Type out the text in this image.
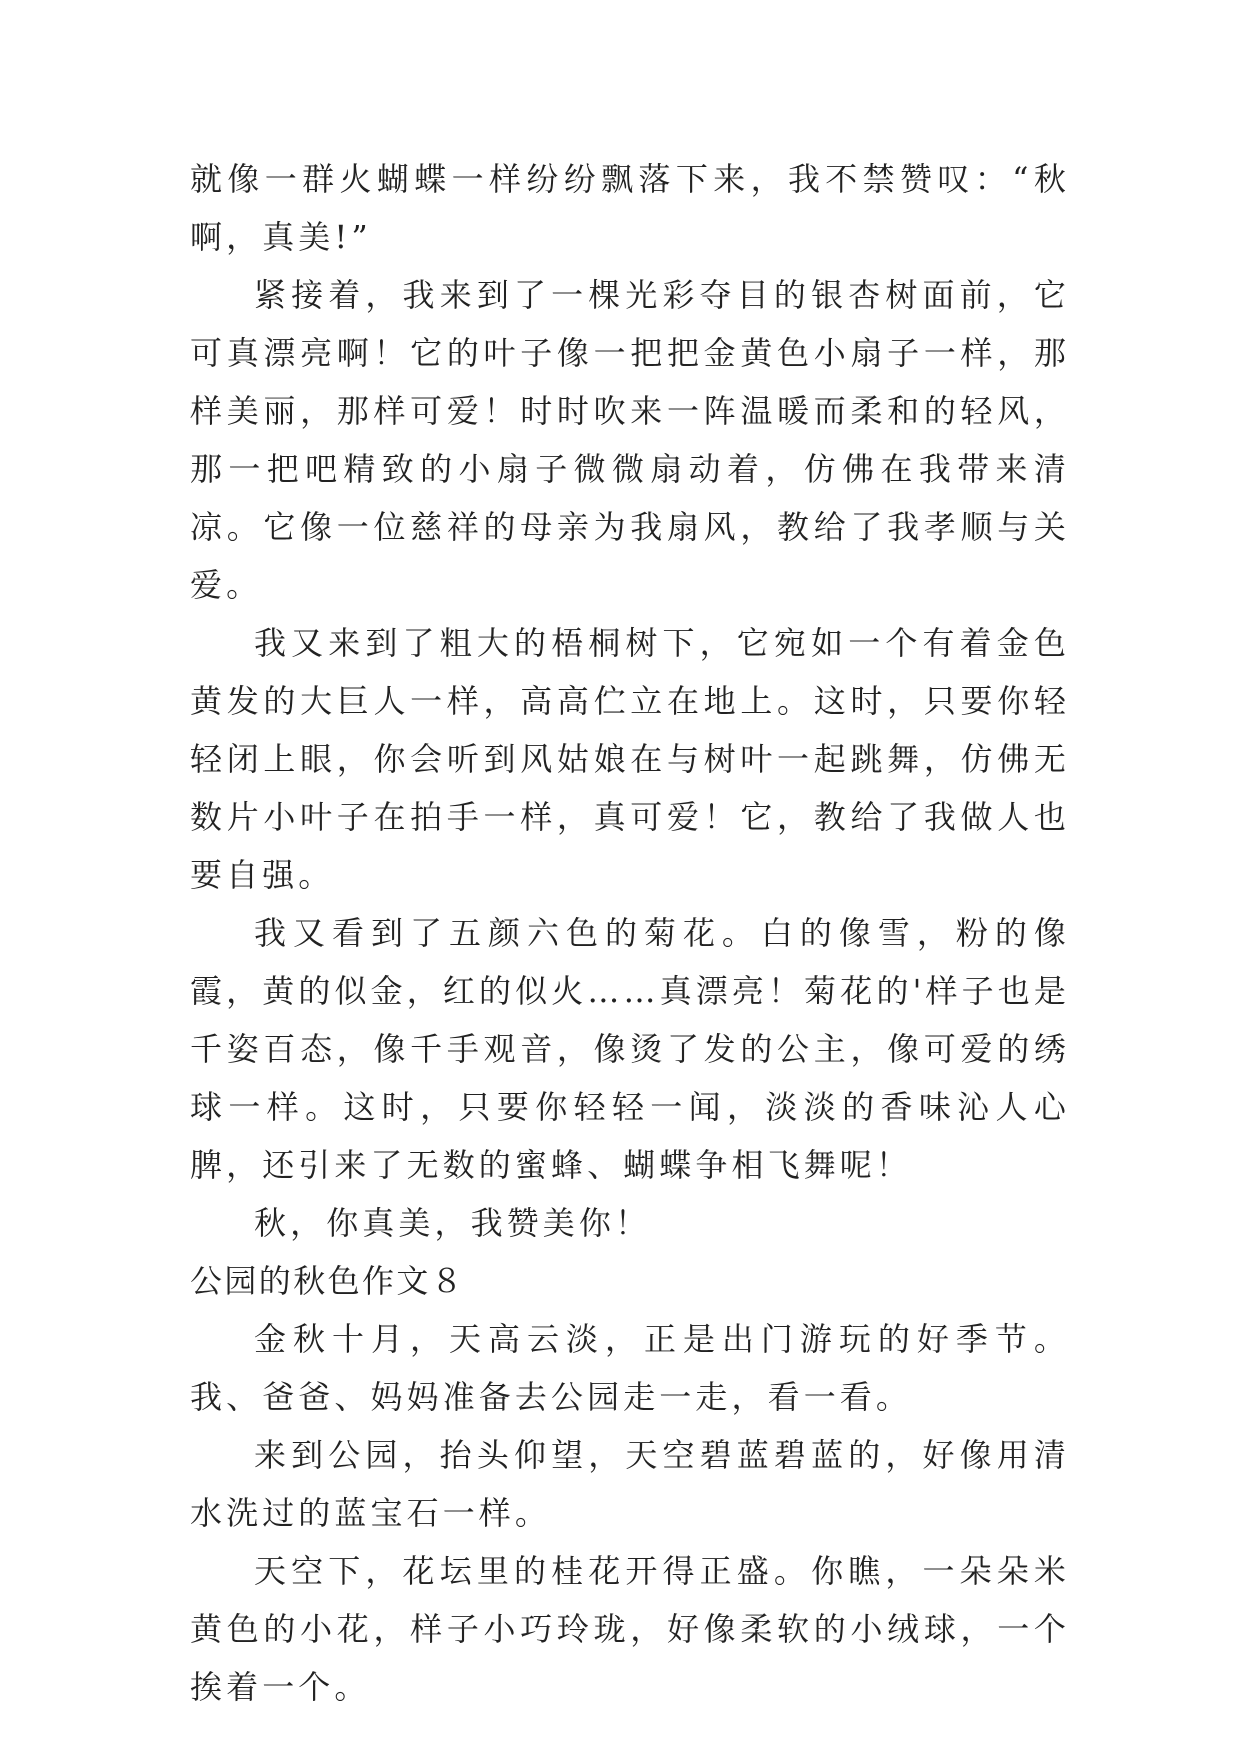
就像一群火蝴蝶一样纷纷飘落下来，我不禁赞叹：“秋啊，真美!”

紧接着，我来到了一棵光彩夺目的银杏树面前，它可真漂亮啊！它的叶子像一把把金黄色小扇子一样，那样美丽，那样可爱！时时吹来一阵温暖而柔和的轻风，那一把吧精致的小扇子微微扇动着，仿佛在我带来清凉。它像一位慈祥的母亲为我扇风，教给了我孝顺与关爱。

我又来到了粗大的梧桐树下，它宛如一个有着金色黄发的大巨人一样，高高伫立在地上。这时，只要你轻轻闭上眼，你会听到风姑娘在与树叶一起跳舞，仿佛无数片小叶子在拍手一样，真可爱！它，教给了我做人也要自强。

我又看到了五颜六色的菊花。白的像雪，粉的像霞，黄的似金，红的似火……真漂亮！菊花的'样子也是千姿百态，像千手观音，像烫了发的公主，像可爱的绣球一样。这时，只要你轻轻一闻，淡淡的香味沁人心脾，还引来了无数的蜜蜂、蝴蝶争相飞舞呢！

秋，你真美，我赞美你！

公园的秋色作文８

金秋十月，天高云淡，正是出门游玩的好季节。我、爸爸、妈妈准备去公园走一走，看一看。

来到公园，抬头仰望，天空碧蓝碧蓝的，好像用清水洗过的蓝宝石一样。

天空下，花坛里的桂花开得正盛。你瞧，一朵朵米黄色的小花，样子小巧玲珑，好像柔软的小绒球，一个挨着一个。
